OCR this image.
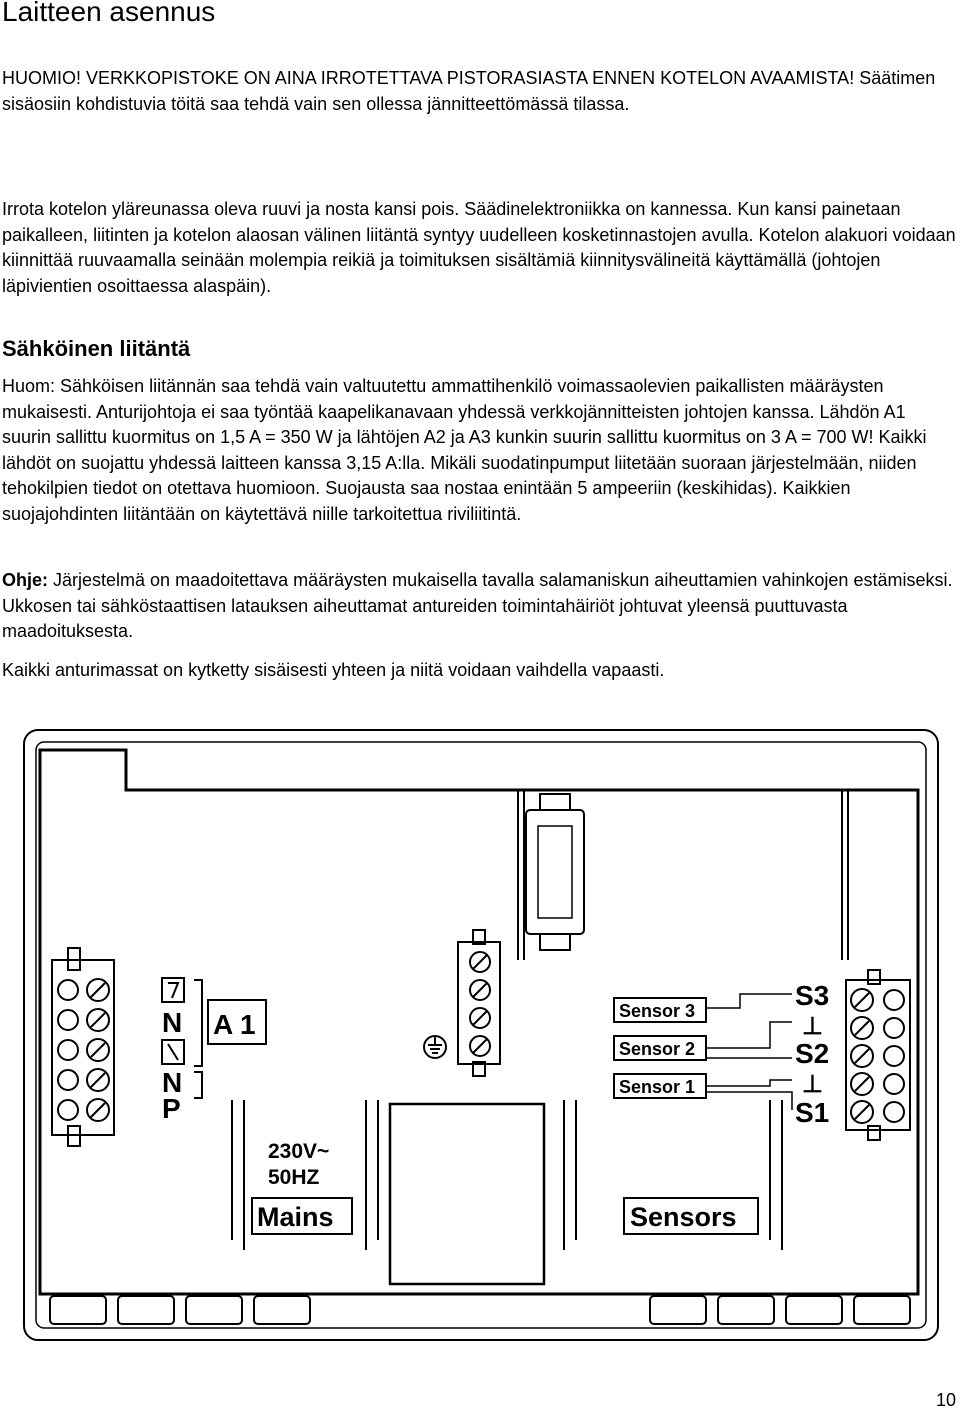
Laitteen asennus

HUOMIO! VERKKOPISTOKE ON AINA IRROTETTAVA PISTORASIASTA ENNEN KOTELON AVAAMISTA! Säätimen sisäosiin kohdistuvia töitä saa tehdä vain sen ollessa jännitteettömässä tilassa.

Irrota kotelon yläreunassa oleva ruuvi ja nosta kansi pois. Säädinelektroniikka on kannessa. Kun kansi painetaan paikalleen, liitinten ja kotelon alaosan välinen liitäntä syntyy uudelleen kosketinnastojen avulla. Kotelon alakuori voidaan kiinnittää ruuvaamalla seinään molempia reikiä ja toimituksen sisältämiä kiinnitysvälineitä käyttämällä (johtojen läpivientien osoittaessa alaspäin).

Sähköinen liitäntä

Huom: Sähköisen liitännän saa tehdä vain valtuutettu ammattihenkilö voimassaolevien paikallisten määräysten mukaisesti. Anturijohtoja ei saa työntää kaapelikanavaan yhdessä verkkojännitteisten johtojen kanssa. Lähdön A1 suurin sallittu kuormitus on 1,5 A = 350 W ja lähtöjen A2 ja A3 kunkin suurin sallittu kuormitus on 3 A = 700 W! Kaikki lähdöt on suojattu yhdessä laitteen kanssa 3,15 A:lla. Mikäli suodatinpumput liitetään suoraan järjestelmään, niiden tehokilpien tiedot on otettava huomioon. Suojausta saa nostaa enintään 5 ampeeriin (keskihidas). Kaikkien suojajohdinten liitäntään on käytettävä niille tarkoitettua riviliitintä.

Ohje: Järjestelmä on maadoitettava määräysten mukaisella tavalla salamaniskun aiheuttamien vahinkojen estämiseksi. Ukkosen tai sähköstaattisen latauksen aiheuttamat antureiden toimintahäiriöt johtuvat yleensä puuttuvasta maadoituksesta.

Kaikki anturimassat on kytketty sisäisesti yhteen ja niitä voidaan vaihdella vapaasti.

N
N
P
A 1
230V~
50HZ
Mains
Sensor 3
Sensor 2
Sensor 1
S3
⊥
S2
⊥
S1
Sensors
10
